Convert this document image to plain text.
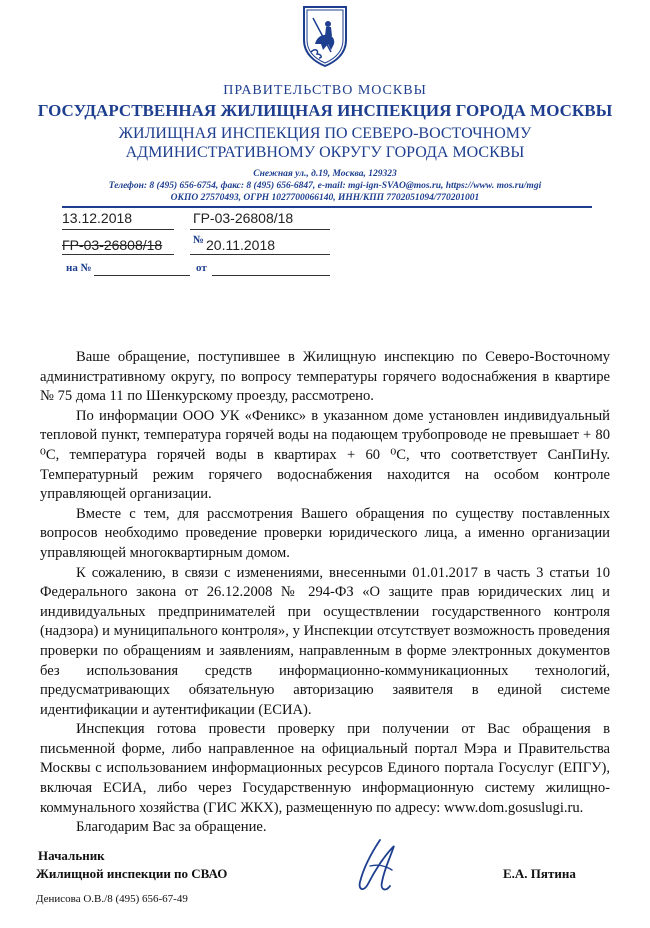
ПРАВИТЕЛЬСТВО МОСКВЫ
ГОСУДАРСТВЕННАЯ ЖИЛИЩНАЯ ИНСПЕКЦИЯ ГОРОДА МОСКВЫ
ЖИЛИЩНАЯ ИНСПЕКЦИЯ ПО СЕВЕРО-ВОСТОЧНОМУ
АДМИНИСТРАТИВНОМУ ОКРУГУ ГОРОДА МОСКВЫ
Снежная ул., д.19, Москва, 129323
Телефон: 8 (495) 656-6754, факс: 8 (495) 656-6847, e-mail: mgi-ign-SVAO@mos.ru, https://www. mos.ru/mgi
ОКПО 27570493, ОГРН 1027700066140, ИНН/КПП 7702051094/770201001
13.12.2018	ГР-03-26808/18
ГР-03-26808/18	№ 20.11.2018
на №	от

Ваше обращение, поступившее в Жилищную инспекцию по Северо-Восточному административному округу, по вопросу температуры горячего водоснабжения в квартире № 75 дома 11 по Шенкурскому проезду, рассмотрено.

По информации ООО УК «Феникс» в указанном доме установлен индивидуальный тепловой пункт, температура горячей воды на подающем трубопроводе не превышает + 80 ⁰С, температура горячей воды в квартирах + 60 ⁰С, что соответствует СанПиНу. Температурный режим горячего водоснабжения находится на особом контроле управляющей организации.

Вместе с тем, для рассмотрения Вашего обращения по существу поставленных вопросов необходимо проведение проверки юридического лица, а именно организации управляющей многоквартирным домом.

К сожалению, в связи с изменениями, внесенными 01.01.2017 в часть 3 статьи 10 Федерального закона от 26.12.2008 № 294-ФЗ «О защите прав юридических лиц и индивидуальных предпринимателей при осуществлении государственного контроля (надзора) и муниципального контроля», у Инспекции отсутствует возможность проведения проверки по обращениям и заявлениям, направленным в форме электронных документов без использования средств информационно-коммуникационных технологий, предусматривающих обязательную авторизацию заявителя в единой системе идентификации и аутентификации (ЕСИА).

Инспекция готова провести проверку при получении от Вас обращения в письменной форме, либо направленное на официальный портал Мэра и Правительства Москвы с использованием информационных ресурсов Единого портала Госуслуг (ЕПГУ), включая ЕСИА, либо через Государственную информационную систему жилищно-коммунального хозяйства (ГИС ЖКХ), размещенную по адресу: www.dom.gosuslugi.ru.

Благодарим Вас за обращение.

Начальник
Жилищной инспекции по СВАО	Е.А. Пятина
Денисова О.В./8 (495) 656-67-49
